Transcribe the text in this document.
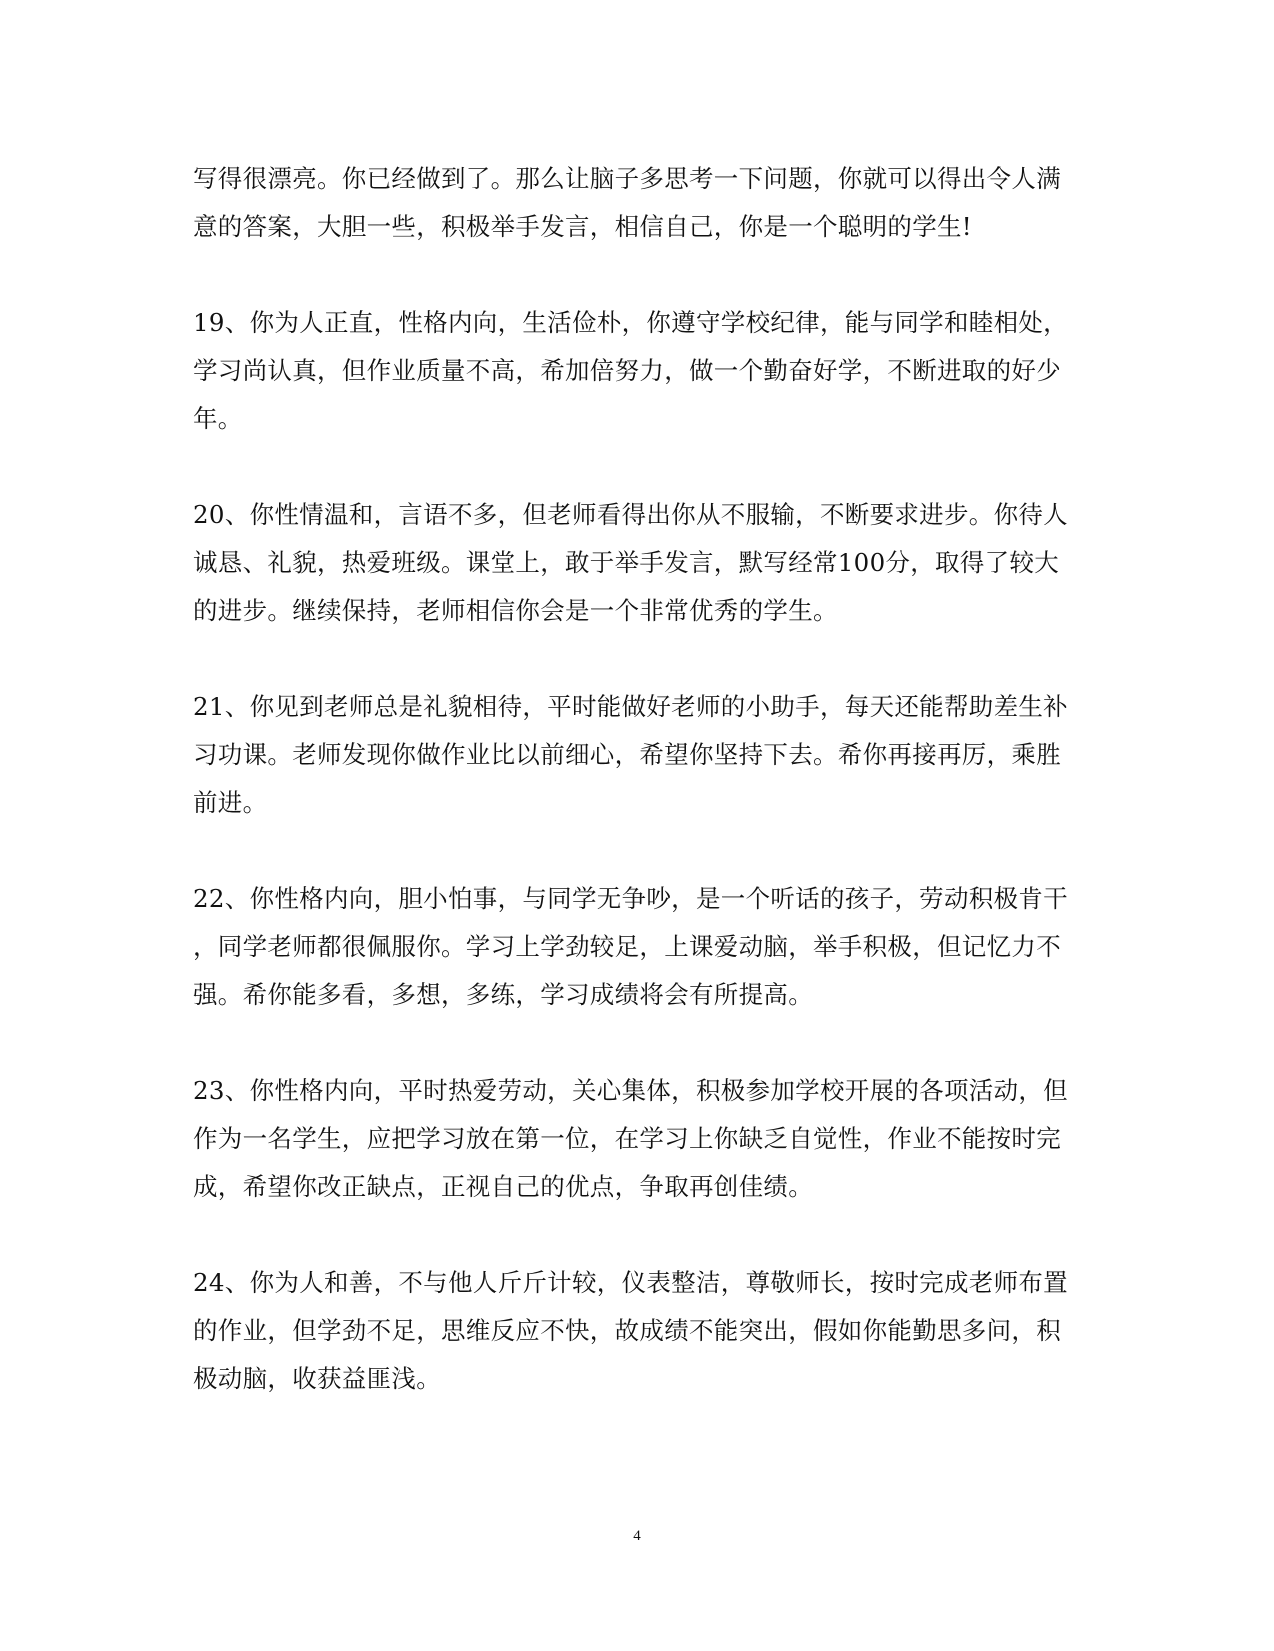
写得很漂亮。你已经做到了。那么让脑子多思考一下问题，你就可以得出令人满
意的答案，大胆一些，积极举手发言，相信自己，你是一个聪明的学生!

19、你为人正直，性格内向，生活俭朴，你遵守学校纪律，能与同学和睦相处，
学习尚认真，但作业质量不高，希加倍努力，做一个勤奋好学，不断进取的好少
年。

20、你性情温和，言语不多，但老师看得出你从不服输，不断要求进步。你待人
诚恳、礼貌，热爱班级。课堂上，敢于举手发言，默写经常100分，取得了较大
的进步。继续保持，老师相信你会是一个非常优秀的学生。

21、你见到老师总是礼貌相待，平时能做好老师的小助手，每天还能帮助差生补
习功课。老师发现你做作业比以前细心，希望你坚持下去。希你再接再厉，乘胜
前进。

22、你性格内向，胆小怕事，与同学无争吵，是一个听话的孩子，劳动积极肯干
，同学老师都很佩服你。学习上学劲较足，上课爱动脑，举手积极，但记忆力不
强。希你能多看，多想，多练，学习成绩将会有所提高。

23、你性格内向，平时热爱劳动，关心集体，积极参加学校开展的各项活动，但
作为一名学生，应把学习放在第一位，在学习上你缺乏自觉性，作业不能按时完
成，希望你改正缺点，正视自己的优点，争取再创佳绩。

24、你为人和善，不与他人斤斤计较，仪表整洁，尊敬师长，按时完成老师布置
的作业，但学劲不足，思维反应不快，故成绩不能突出，假如你能勤思多问，积
极动脑，收获益匪浅。

4
